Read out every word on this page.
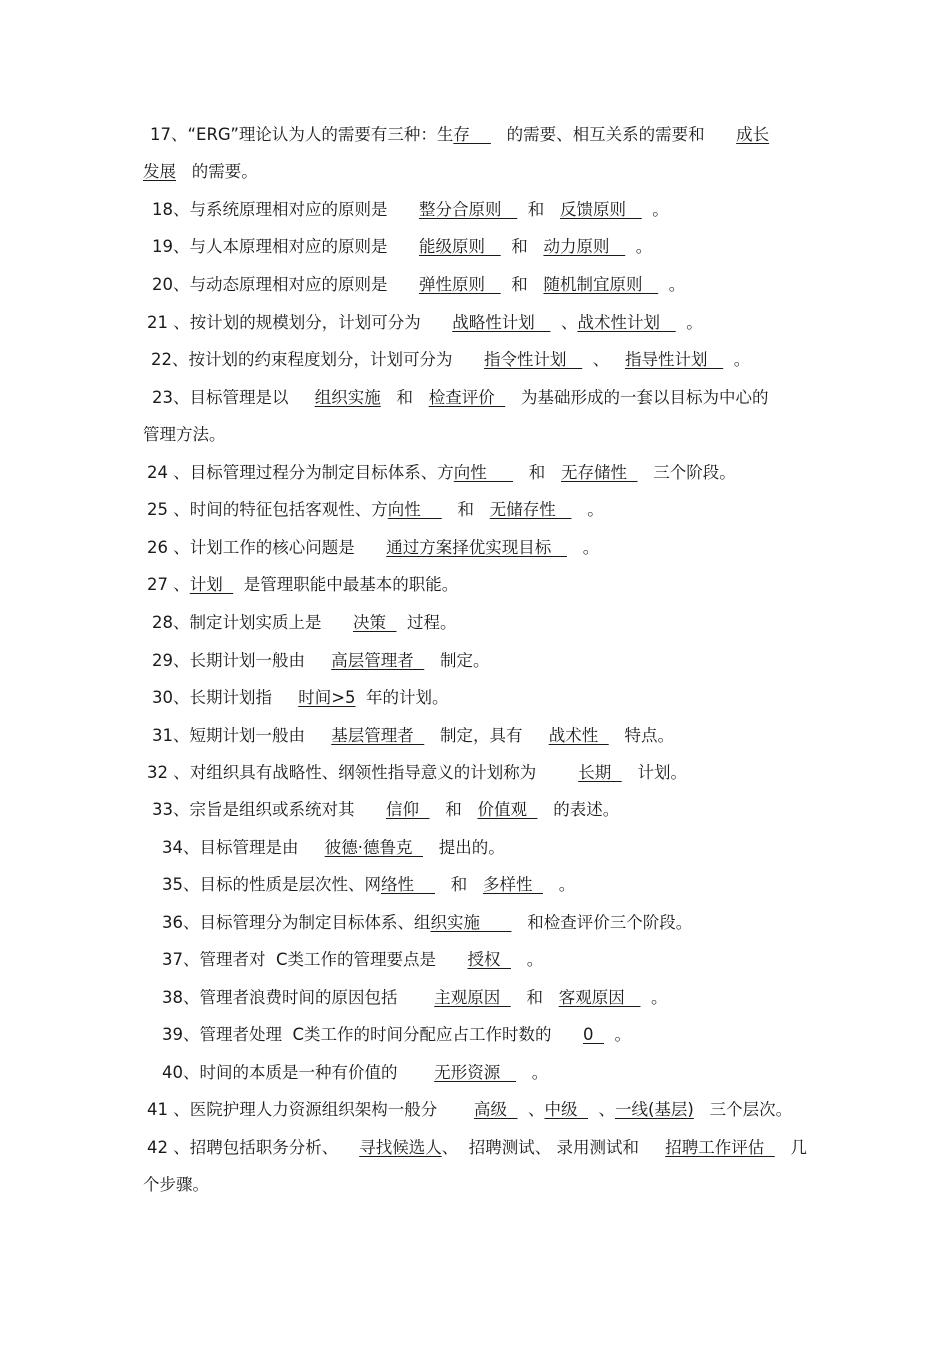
17、“ERG”理论认为人的需要有三种：生存       的需要、相互关系的需要和      成长
发展   的需要。
18、与系统原理相对应的原则是      整分合原则     和   反馈原则     。
19、与人本原理相对应的原则是      能级原则     和   动力原则     。
20、与动态原理相对应的原则是      弹性原则     和   随机制宜原则     。
21 、按计划的规模划分，计划可分为      战略性计划     、战术性计划     。
22、按计划的约束程度划分，计划可分为      指令性计划     、   指导性计划     。
23、目标管理是以     组织实施   和   检查评价     为基础形成的一套以目标为中心的
管理方法。
24 、目标管理过程分为制定目标体系、方向性        和   无存储性     三个阶段。
25 、时间的特征包括客观性、方向性       和   无储存性      。
26 、计划工作的核心问题是      通过方案择优实现目标      。
27 、计划    是管理职能中最基本的职能。
28、制定计划实质上是      决策    过程。
29、长期计划一般由     高层管理者     制定。
30、长期计划指     时间>5  年的计划。
31、短期计划一般由     基层管理者     制定，具有     战术性     特点。
32 、对组织具有战略性、纲领性指导意义的计划称为        长期     计划。
33、宗旨是组织或系统对其      信仰     和   价值观     的表述。
34、目标管理是由     彼德·德鲁克     提出的。
35、目标的性质是层次性、网络性       和   多样性     。
36、目标管理分为制定目标体系、组织实施         和检查评价三个阶段。
37、管理者对  C类工作的管理要点是      授权     。
38、管理者浪费时间的原因包括       主观原因     和   客观原因     。
39、管理者处理  C类工作的时间分配应占工作时数的      0    。
40、时间的本质是一种有价值的       无形资源      。
41 、医院护理人力资源组织架构一般分       高级    、中级    、一线(基层)   三个层次。
42 、招聘包括职务分析、    寻找候选人、  招聘测试、 录用测试和     招聘工作评估     几
个步骤。
